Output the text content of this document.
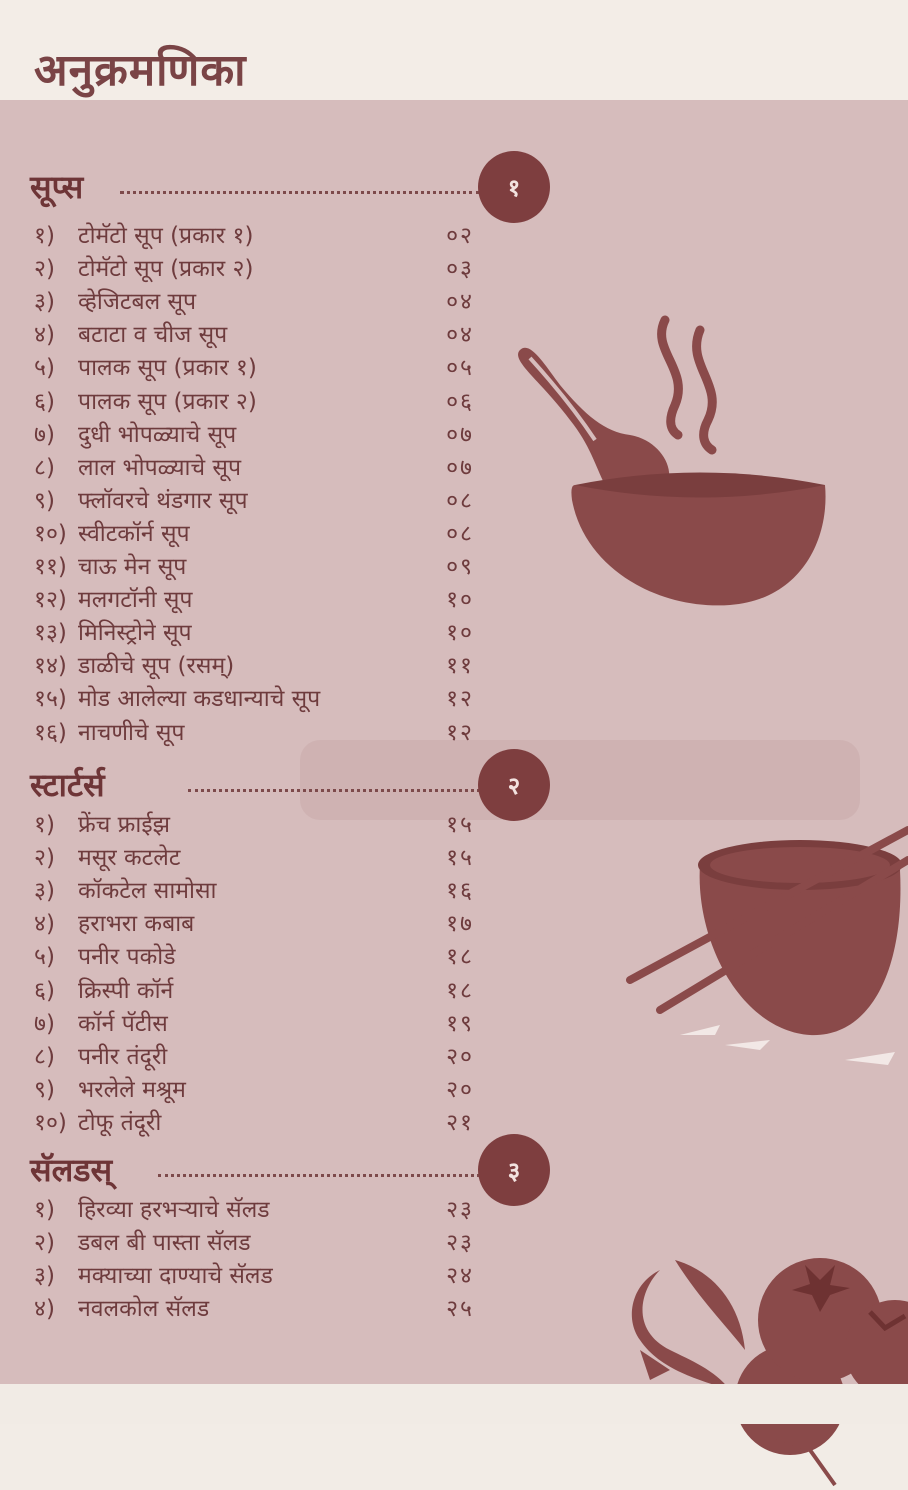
अनुक्रमणिका
सूप्स	१
१) टोमॅटो सूप (प्रकार १)	०२
२) टोमॅटो सूप (प्रकार २)	०३
३) व्हेजिटबल सूप	०४
४) बटाटा व चीज सूप	०४
५) पालक सूप (प्रकार १)	०५
६) पालक सूप (प्रकार २)	०६
७) दुधी भोपळ्याचे सूप	०७
८) लाल भोपळ्याचे सूप	०७
९) फ्लॉवरचे थंडगार सूप	०८
१०) स्वीटकॉर्न सूप	०८
११) चाऊ मेन सूप	०९
१२) मलगटॉनी सूप	१०
१३) मिनिस्ट्रोने सूप	१०
१४) डाळीचे सूप (रसम्)	११
१५) मोड आलेल्या कडधान्याचे सूप	१२
१६) नाचणीचे सूप	१२
स्टार्टर्स	२
१) फ्रेंच फ्राईझ	१५
२) मसूर कटलेट	१५
३) कॉकटेल सामोसा	१६
४) हराभरा कबाब	१७
५) पनीर पकोडे	१८
६) क्रिस्पी कॉर्न	१८
७) कॉर्न पॅटीस	१९
८) पनीर तंदूरी	२०
९) भरलेले मश्रूम	२०
१०) टोफू तंदूरी	२१
सॅलडस्	३
१) हिरव्या हरभऱ्याचे सॅलड	२३
२) डबल बी पास्ता सॅलड	२३
३) मक्याच्या दाण्याचे सॅलड	२४
४) नवलकोल सॅलड	२५
